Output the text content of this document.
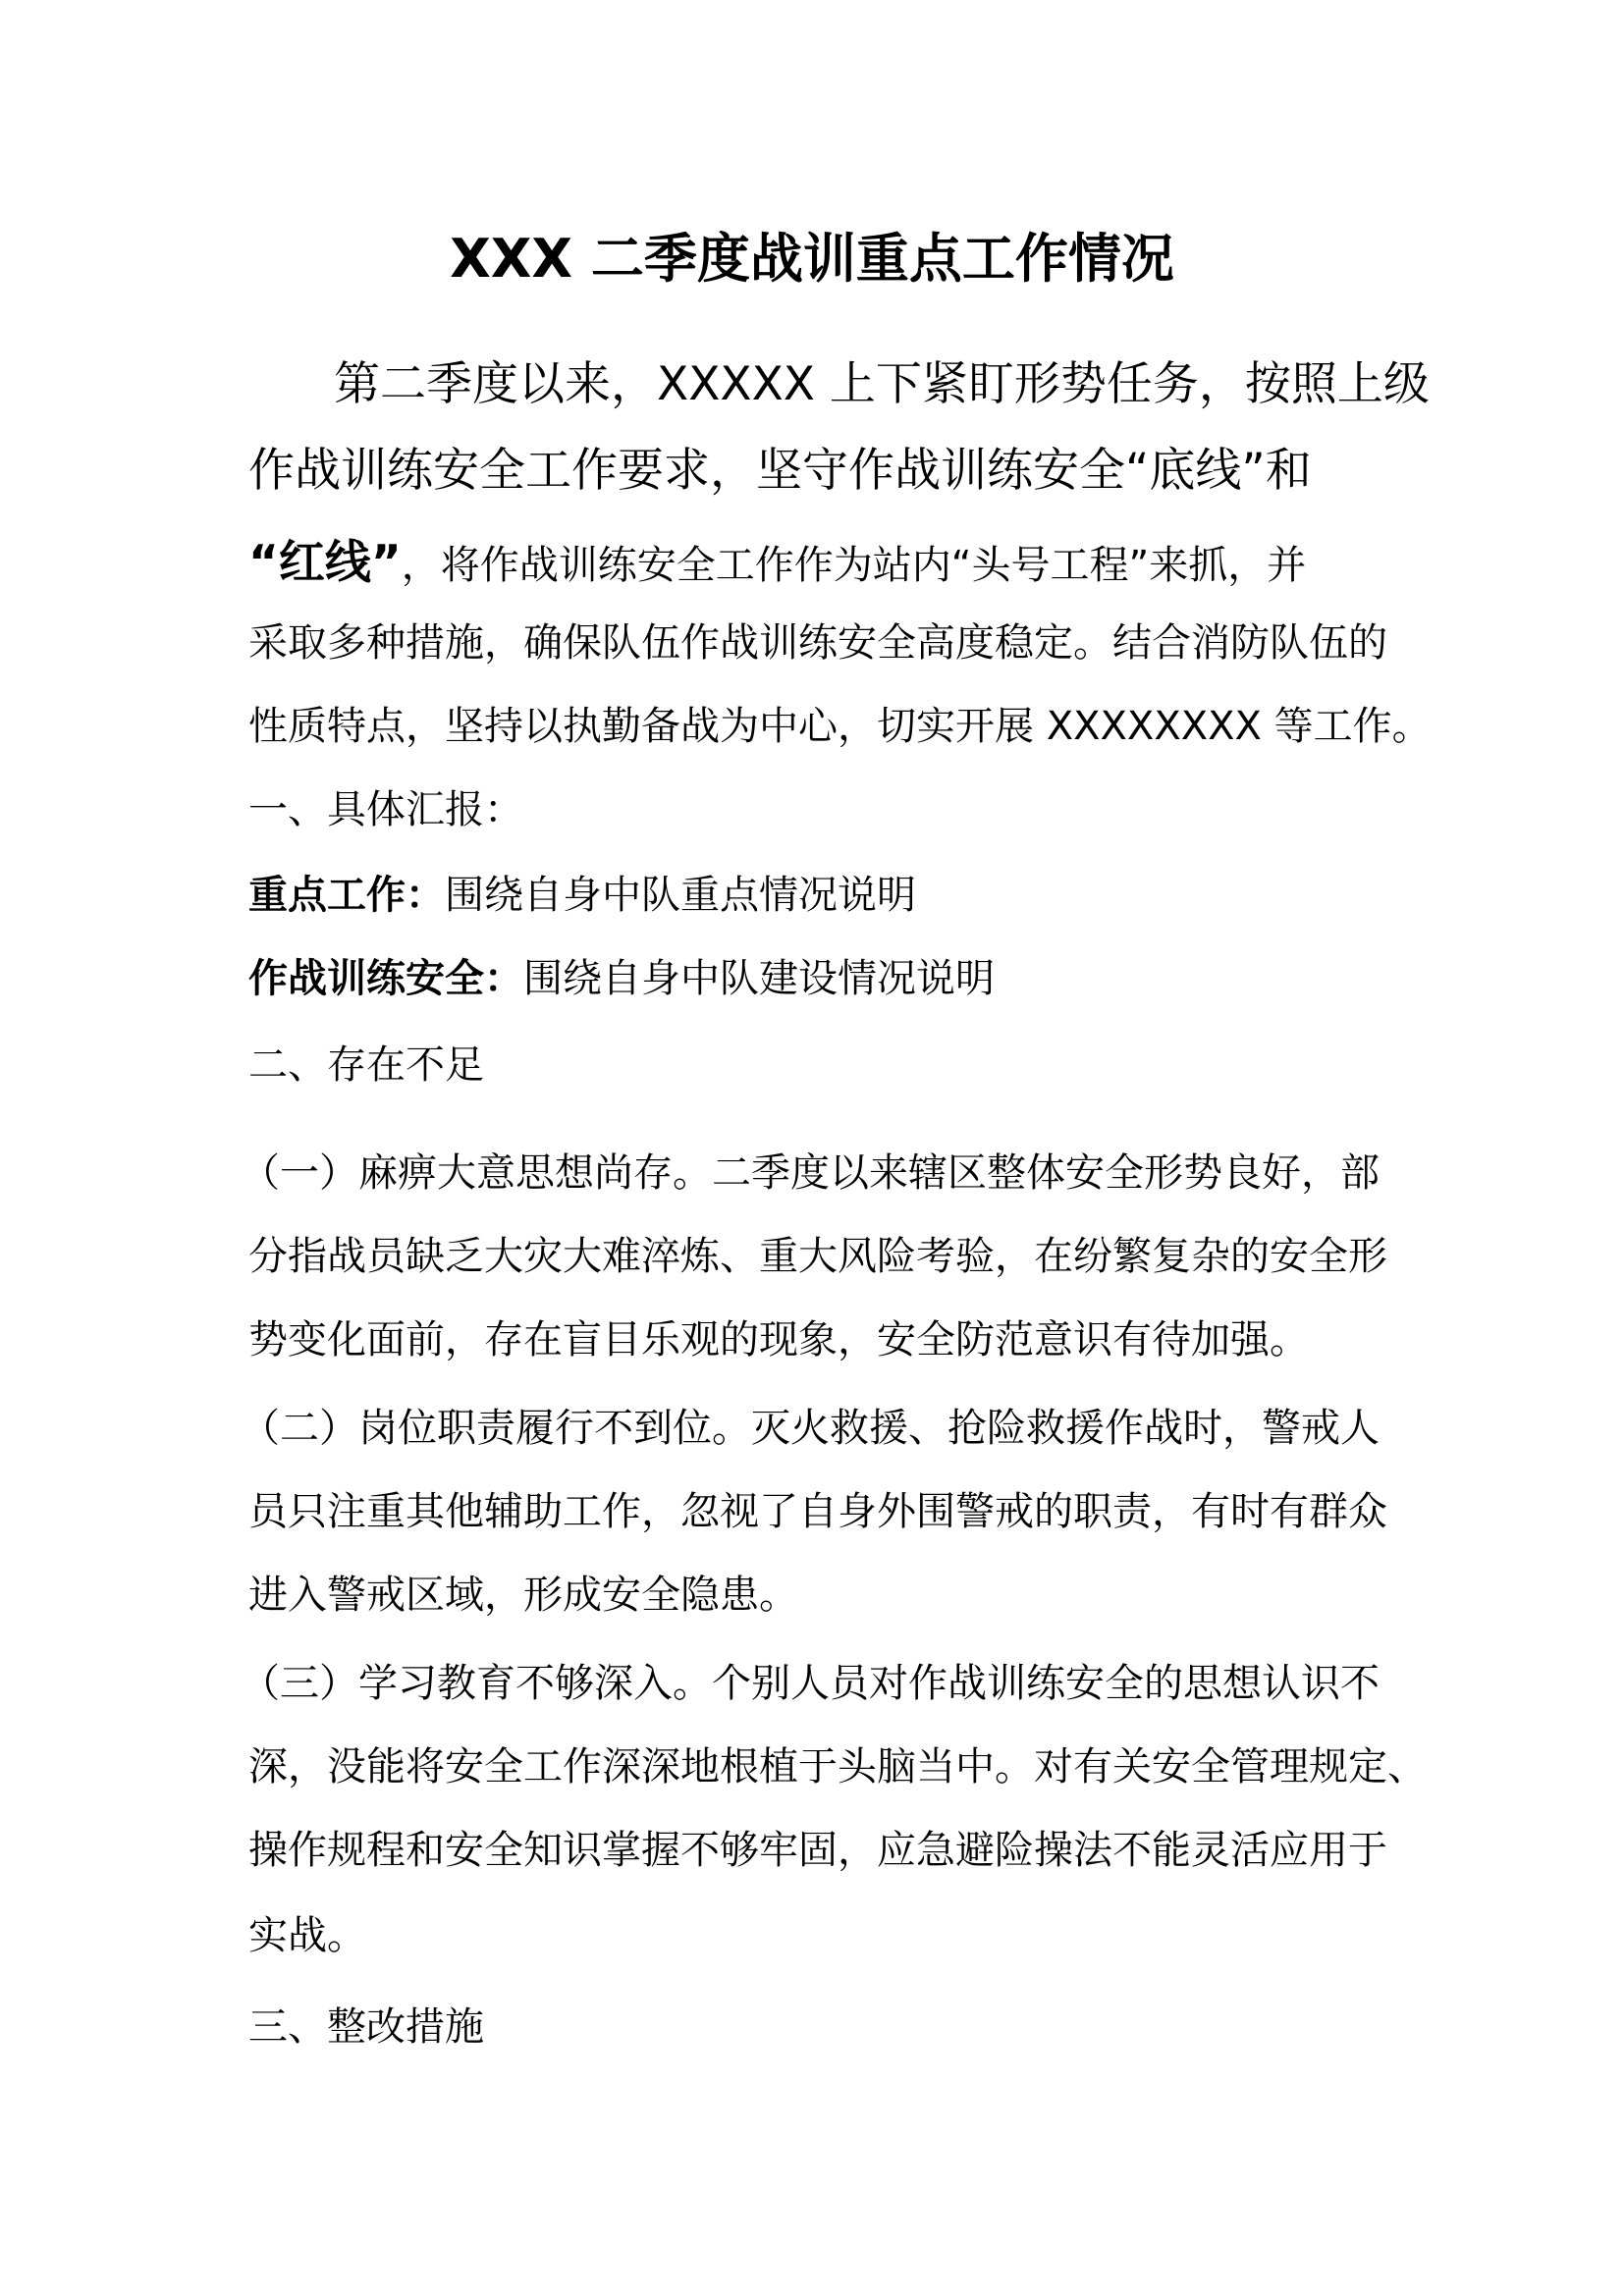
XXX 二季度战训重点工作情况
第二季度以来，XXXXX 上下紧盯形势任务，按照上级
作战训练安全工作要求，坚守作战训练安全“底线”和
“红线”，将作战训练安全工作作为站内“头号工程”来抓，并
采取多种措施，确保队伍作战训练安全高度稳定。结合消防队伍的
性质特点，坚持以执勤备战为中心，切实开展 XXXXXXXX 等工作。
一、具体汇报：
重点工作：围绕自身中队重点情况说明
作战训练安全：围绕自身中队建设情况说明
二、存在不足
（一）麻痹大意思想尚存。二季度以来辖区整体安全形势良好，部
分指战员缺乏大灾大难淬炼、重大风险考验，在纷繁复杂的安全形
势变化面前，存在盲目乐观的现象，安全防范意识有待加强。
（二）岗位职责履行不到位。灭火救援、抢险救援作战时，警戒人
员只注重其他辅助工作，忽视了自身外围警戒的职责，有时有群众
进入警戒区域，形成安全隐患。
（三）学习教育不够深入。个别人员对作战训练安全的思想认识不
深，没能将安全工作深深地根植于头脑当中。对有关安全管理规定、
操作规程和安全知识掌握不够牢固，应急避险操法不能灵活应用于
实战。
三、整改措施
